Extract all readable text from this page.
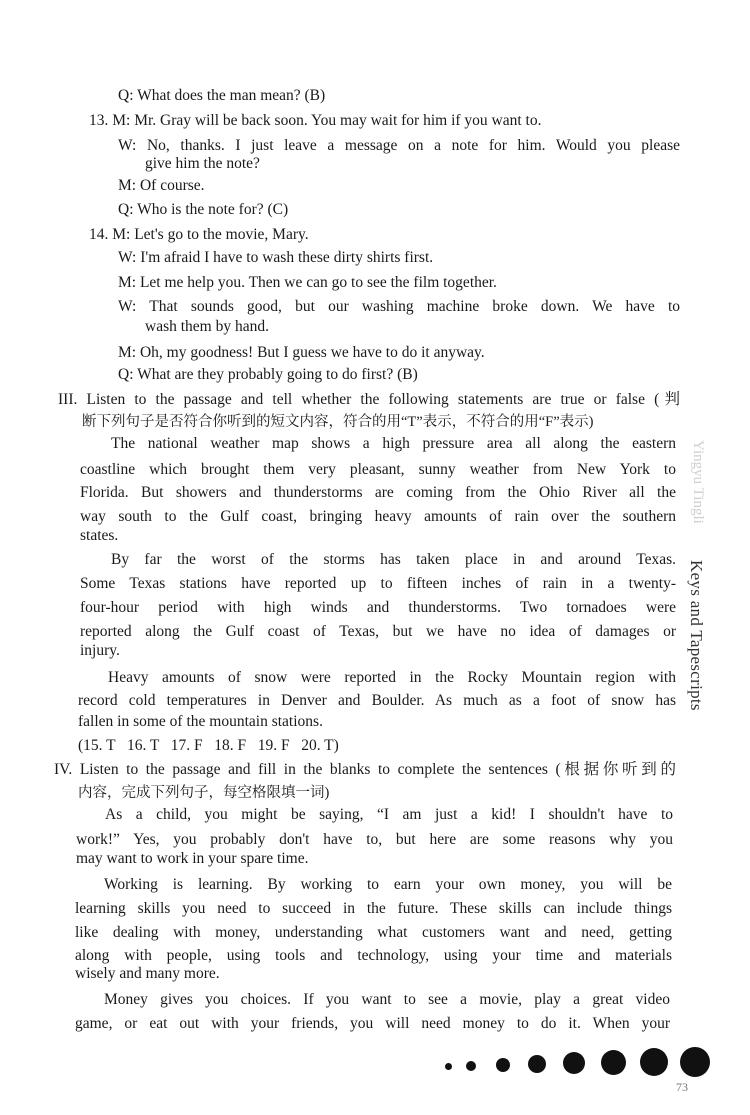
Q: What does the man mean? (B)
13. M: Mr. Gray will be back soon. You may wait for him if you want to.
W: No, thanks. I just leave a message on a note for him. Would you please
give him the note?
M: Of course.
Q: Who is the note for? (C)
14. M: Let's go to the movie, Mary.
W: I'm afraid I have to wash these dirty shirts first.
M: Let me help you. Then we can go to see the film together.
W: That sounds good, but our washing machine broke down. We have to
wash them by hand.
M: Oh, my goodness! But I guess we have to do it anyway.
Q: What are they probably going to do first? (B)
III. Listen to the passage and tell whether the following statements are true or false (判
断下列句子是否符合你听到的短文内容，符合的用“T”表示，不符合的用“F”表示)
The national weather map shows a high pressure area all along the eastern
coastline which brought them very pleasant, sunny weather from New York to
Florida. But showers and thunderstorms are coming from the Ohio River all the
way south to the Gulf coast, bringing heavy amounts of rain over the southern
states.
By far the worst of the storms has taken place in and around Texas.
Some Texas stations have reported up to fifteen inches of rain in a twenty-
four-hour period with high winds and thunderstorms. Two tornadoes were
reported along the Gulf coast of Texas, but we have no idea of damages or
injury.
Heavy amounts of snow were reported in the Rocky Mountain region with
record cold temperatures in Denver and Boulder. As much as a foot of snow has
fallen in some of the mountain stations.
(15. T   16. T   17. F   18. F   19. F   20. T)
IV. Listen to the passage and fill in the blanks to complete the sentences (根据你听到的
内容，完成下列句子，每空格限填一词)
As a child, you might be saying, “I am just a kid! I shouldn't have to
work!” Yes, you probably don't have to, but here are some reasons why you
may want to work in your spare time.
Working is learning. By working to earn your own money, you will be
learning skills you need to succeed in the future. These skills can include things
like dealing with money, understanding what customers want and need, getting
along with people, using tools and technology, using your time and materials
wisely and many more.
Money gives you choices. If you want to see a movie, play a great video
game, or eat out with your friends, you will need money to do it. When your
Yingyu Tingli
Keys and Tapescripts
73
